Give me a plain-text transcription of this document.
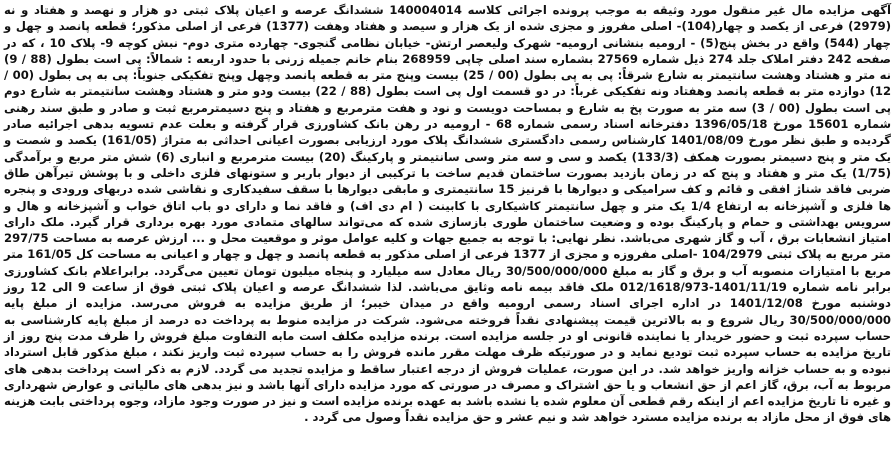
آگهی مزایده مال غیر منقول مورد وثیقه به موجب پرونده اجرائی کلاسه 140004014 ششدانگ عرصه و اعیان پلاک ثبتی دو هزار و نهصد و هفتاد و نه (2979) فرعی از یکصد و چهار(104)- اصلی مفروز و مجزی شده از یک هزار و سیصد و هفتاد وهفت (1377) فرعی از اصلی مذکور؛ قطعه پانصد و چهل و چهار (544) واقع در بخش پنج(5) - ارومیه بنشانی ارومیه- شهرک ولیعصر ارتش- خیابان نظامی گنجوی- چهارده متری دوم- نبش کوچه 9- پلاک 10 ، که در صفحه 242 دفتر املاک جلد 274 ذیل شماره 27569 بشماره سند اصلی چاپی 268959 بنام خانم جمیله زرنی با حدود اربعه : شمالاً: پی است بطول (88 / 9) نه متر و هشتاد وهشت سانتیمتر به شارع شرقاً: پی به پی بطول (00 / 25) بیست وپنج متر به قطعه پانصد وچهل وپنج تفکیکی جنوباً: پی به پی بطول (00 / 12) دوازده متر به قطعه پانصد وهفتاد ونه تفکیکی غرباً: در دو قسمت اول پی است بطول (88 / 22) بیست ودو متر و هشتاد وهشت سانتیمتر به شارع دوم پی است بطول (00 / 3) سه متر به صورت پخ به شارع و بمساحت دویست و نود و هفت مترمربع و هفتاد و پنج دسیمترمربع ثبت و صادر و طبق سند رهنی شماره 15601 مورخ 1396/05/18 دفترخانه اسناد رسمی شماره 68 - ارومیه در رهن بانک کشاورزی قرار گرفته و بعلت عدم تسویه بدهی اجرائیه صادر گردیده و طبق نظر مورخ 1401/08/09 کارشناس رسمی دادگستری ششدانگ پلاک مورد ارزیابی بصورت اعیانی احداثی به متراژ (161/05) یکصد و شصت و یک متر و پنج دسیمتر بصورت همکف (133/3) یکصد و سی و سه متر وسی سانتیمتر و پارکینگ (20) بیست مترمربع و انباری (6) شش متر مربع و برآمدگی (1/75) یک متر و هفتاد و پنج که در زمان بازدید بصورت ساختمان قدیم ساخت با ترکیبی از دیوار باربر و ستونهای فلزی داخلی و با پوشش تیرآهن طاق ضربی فاقد شناژ افقی و قائم و کف سرامیکی و دیوارها با قرنیز 15 سانتیمتری و مابقی دیوارها با سقف سفیدکاری و نقاشی شده دربهای ورودی و پنجره ها فلزی و آشپزخانه به ارتفاع 1/4 یک متر و چهل سانتیمتر کاشیکاری با کابینت ( ام دی اف) و فاقد نما و دارای دو باب اتاق خواب و آشپزخانه و هال و سرویس بهداشتی و حمام و پارکینگ بوده و وضعیت ساختمان طوری بازسازی شده که می‌تواند سالهای متمادی مورد بهره برداری قرار گیرد. ملک دارای امتیاز انشعابات برق ، آب و گاز شهری می‌باشد. نظر نهایی: با توجه به جمیع جهات و کلیه عوامل موثر و موقعیت محل و ... ارزش عرصه به مساحت 297/75 متر مربع به پلاک ثبتی 104/2979 -اصلی مفروزه و مجزی از 1377 فرعی از اصلی مذکور به قطعه پانصد و چهل و چهار و اعیانی به مساحت کل 161/05 متر مربع با امتیازات منصوبه آب و برق و گاز به مبلغ 30/500/000/000 ریال معادل سه میلیارد و پنجاه میلیون تومان تعیین می‌گردد. برابراعلام بانک کشاورزی برابر نامه شماره 1401/11/19-012/1618/973 ملک فاقد بیمه نامه وثایق می‌باشد. لذا ششدانگ عرصه و اعیان پلاک ثبتی فوق از ساعت 9 الی 12 روز دوشنبه مورخ 1401/12/08 در اداره اجرای اسناد رسمی ارومیه واقع در میدان خیبر؛ از طریق مزایده به فروش می‌رسد. مزایده از مبلغ پایه 30/500/000/000 ریال شروع و به بالاترین قیمت پیشنهادی نقداً فروخته می‌شود. شرکت در مزایده منوط به پرداخت ده درصد از مبلغ پایه کارشناسی به حساب سپرده ثبت و حضور خریدار یا نماینده قانونی او در جلسه مزایده است. برنده مزایده مکلف است مابه التفاوت مبلغ فروش را ظرف مدت پنج روز از تاریخ مزایده به حساب سپرده ثبت تودیع نماید و در صورتیکه ظرف مهلت مقرر مانده فروش را به حساب سپرده ثبت واریز نکند ، مبلغ مذکور قابل استرداد نبوده و به حساب خزانه واریز خواهد شد. در این صورت، عملیات فروش از درجه اعتبار ساقط و مزایده تجدید می گردد. لازم به ذکر است پرداخت بدهی های مربوط به آب، برق، گاز اعم از حق انشعاب و یا حق اشتراک و مصرف در صورتی که مورد مزایده دارای آنها باشد و نیز بدهی های مالیاتی و عوارض شهرداری و غیره تا تاریخ مزایده اعم از اینکه رقم قطعی آن معلوم شده یا نشده باشد به عهده برنده مزایده است و نیز در صورت وجود مازاد، وجوه پرداختی بابت هزینه های فوق از محل مازاد به برنده مزایده مسترد خواهد شد و نیم عشر و حق مزایده نقداً وصول می گردد .
